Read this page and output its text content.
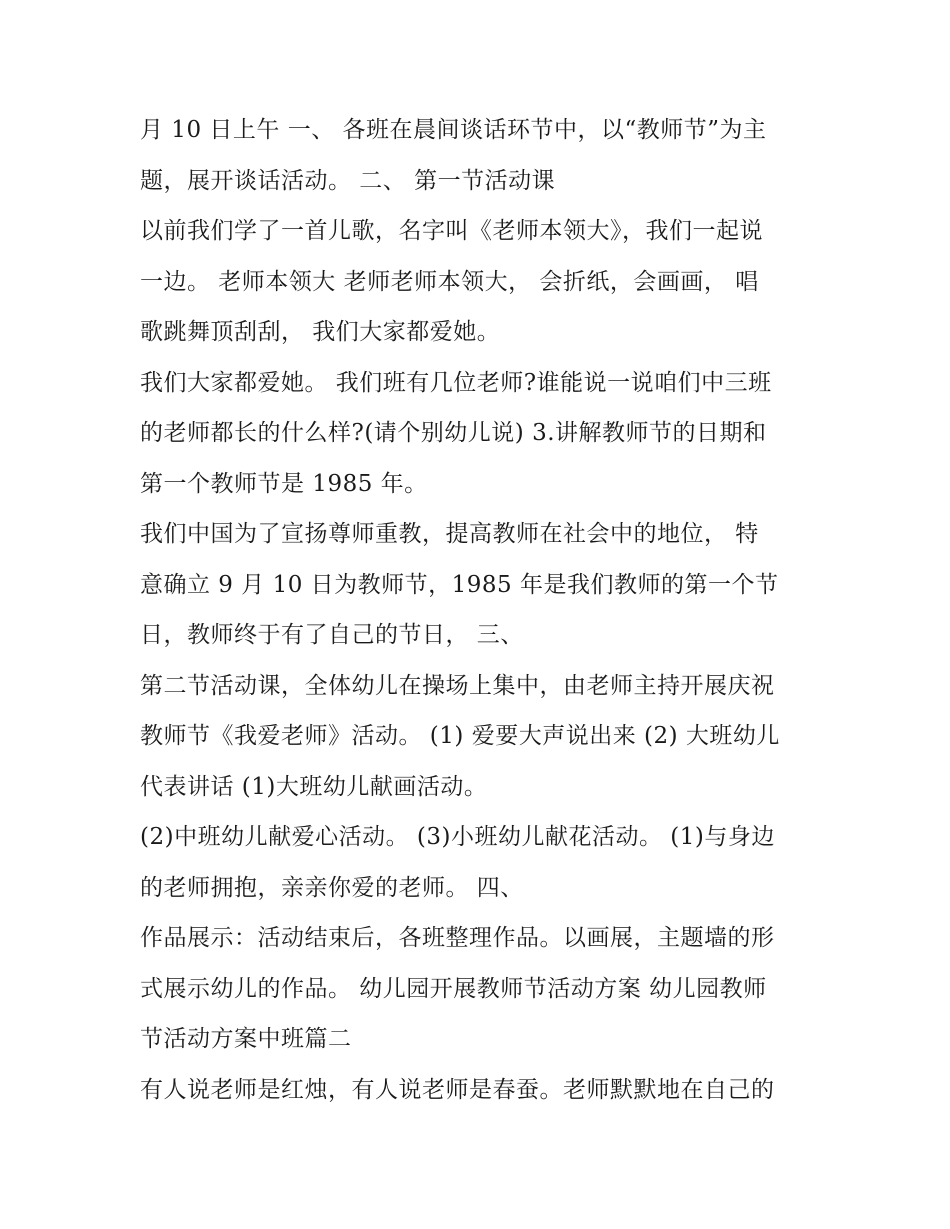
月 10 日上午 一、 各班在晨间谈话环节中，以“教师节”为主
题，展开谈话活动。 二、 第一节活动课
以前我们学了一首儿歌，名字叫《老师本领大》，我们一起说
一边。 老师本领大 老师老师本领大， 会折纸，会画画， 唱
歌跳舞顶刮刮， 我们大家都爱她。
我们大家都爱她。 我们班有几位老师?谁能说一说咱们中三班
的老师都长的什么样?(请个别幼儿说) 3.讲解教师节的日期和
第一个教师节是 1985 年。
我们中国为了宣扬尊师重教，提高教师在社会中的地位， 特
意确立 9 月 10 日为教师节，1985 年是我们教师的第一个节
日，教师终于有了自己的节日， 三、
第二节活动课，全体幼儿在操场上集中，由老师主持开展庆祝
教师节《我爱老师》活动。 (1) 爱要大声说出来 (2) 大班幼儿
代表讲话 (1)大班幼儿献画活动。
(2)中班幼儿献爱心活动。 (3)小班幼儿献花活动。 (1)与身边
的老师拥抱，亲亲你爱的老师。 四、
作品展示：活动结束后，各班整理作品。以画展，主题墙的形
式展示幼儿的作品。 幼儿园开展教师节活动方案 幼儿园教师
节活动方案中班篇二
有人说老师是红烛，有人说老师是春蚕。老师默默地在自己的
